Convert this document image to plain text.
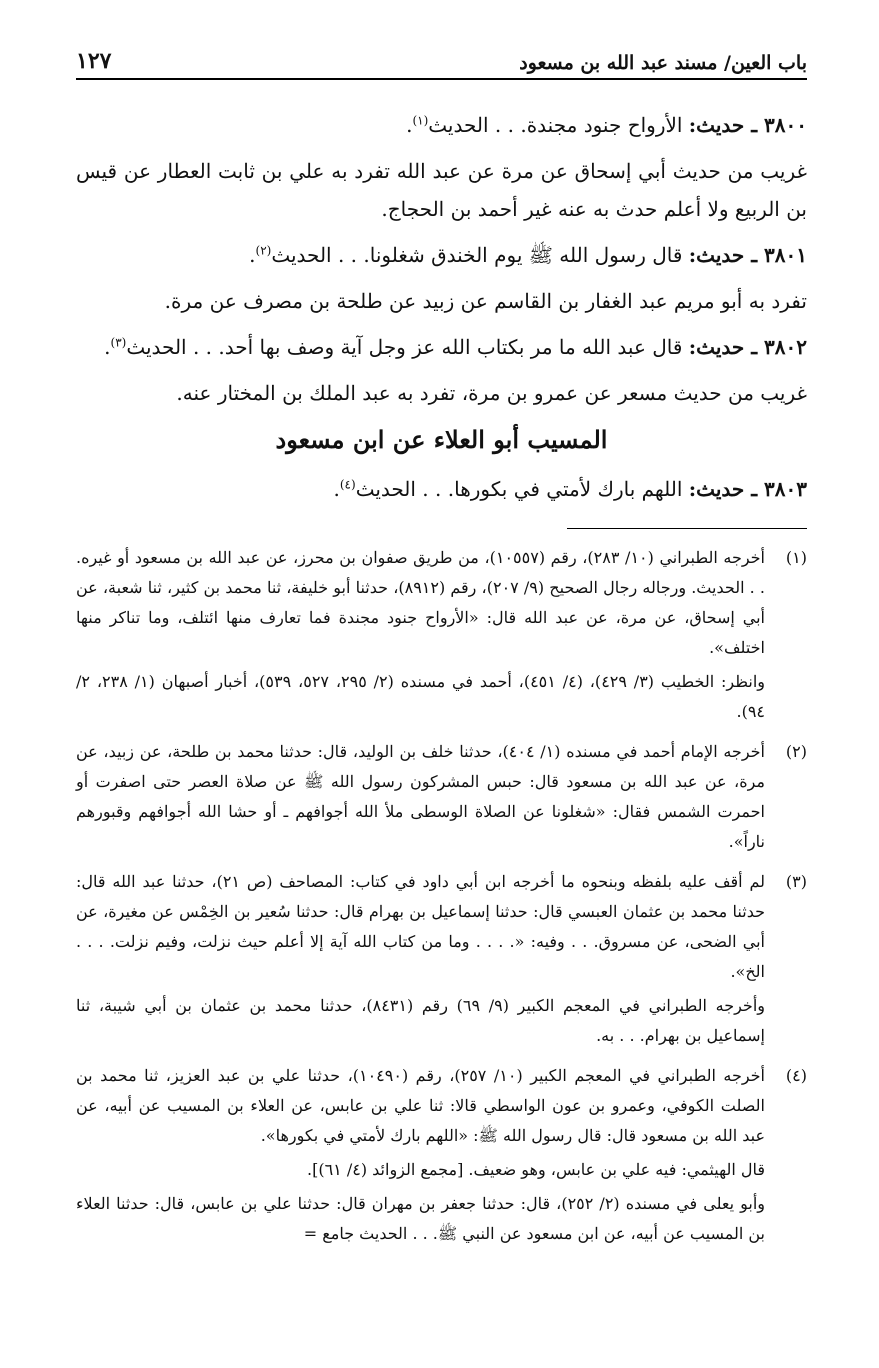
باب العين/ مسند عبد الله بن مسعود
١٢٧

٣٨٠٠ ـ حديث: الأرواح جنود مجندة. . . الحديث$^{(١)}$.

غريب من حديث أبي إسحاق عن مرة عن عبد الله تفرد به علي بن ثابت العطار عن قيس بن الربيع ولا أعلم حدث به عنه غير أحمد بن الحجاج.

٣٨٠١ ـ حديث: قال رسول الله ﷺ يوم الخندق شغلونا. . . الحديث$^{(٢)}$.

تفرد به أبو مريم عبد الغفار بن القاسم عن زبيد عن طلحة بن مصرف عن مرة.

٣٨٠٢ ـ حديث: قال عبد الله ما مر بكتاب الله عز وجل آية وصف بها أحد. . . الحديث$^{(٣)}$.

غريب من حديث مسعر عن عمرو بن مرة، تفرد به عبد الملك بن المختار عنه.

المسيب أبو العلاء عن ابن مسعود

٣٨٠٣ ـ حديث: اللهم بارك لأمتي في بكورها. . . الحديث$^{(٤)}$.

(١)

أخرجه الطبراني (١٠/ ٢٨٣)، رقم (١٠٥٥٧)، من طريق صفوان بن محرز، عن عبد الله بن مسعود أو غيره. . . الحديث. ورجاله رجال الصحيح (٩/ ٢٠٧)، رقم (٨٩١٢)، حدثنا أبو خليفة، ثنا محمد بن كثير، ثنا شعبة، عن أبي إسحاق، عن مرة، عن عبد الله قال: «الأرواح جنود مجندة فما تعارف منها ائتلف، وما تناكر منها اختلف».

وانظر: الخطيب (٣/ ٤٢٩)، (٤/ ٤٥١)، أحمد في مسنده (٢/ ٢٩٥، ٥٢٧، ٥٣٩)، أخبار أصبهان (١/ ٢٣٨، ٢/ ٩٤).

(٢)

أخرجه الإمام أحمد في مسنده (١/ ٤٠٤)، حدثنا خلف بن الوليد، قال: حدثنا محمد بن طلحة، عن زبيد، عن مرة، عن عبد الله بن مسعود قال: حبس المشركون رسول الله ﷺ عن صلاة العصر حتى اصفرت أو احمرت الشمس فقال: «شغلونا عن الصلاة الوسطى ملأ الله أجوافهم ـ أو حشا الله أجوافهم وقبورهم ناراً».

(٣)

لم أقف عليه بلفظه وبنحوه ما أخرجه ابن أبي داود في كتاب: المصاحف (ص ٢١)، حدثنا عبد الله قال: حدثنا محمد بن عثمان العبسي قال: حدثنا إسماعيل بن بهرام قال: حدثنا سُعير بن الخِمْس عن مغيرة، عن أبي الضحى، عن مسروق. . . وفيه: «. . . . وما من كتاب الله آية إلا أعلم حيث نزلت، وفيم نزلت. . . . الخ».

وأخرجه الطبراني في المعجم الكبير (٩/ ٦٩) رقم (٨٤٣١)، حدثنا محمد بن عثمان بن أبي شيبة، ثنا إسماعيل بن بهرام. . . به.

(٤)

أخرجه الطبراني في المعجم الكبير (١٠/ ٢٥٧)، رقم (١٠٤٩٠)، حدثنا علي بن عبد العزيز، ثنا محمد بن الصلت الكوفي، وعمرو بن عون الواسطي قالا: ثنا علي بن عابس، عن العلاء بن المسيب عن أبيه، عن عبد الله بن مسعود قال: قال رسول الله ﷺ: «اللهم بارك لأمتي في بكورها».

قال الهيثمي: فيه علي بن عابس، وهو ضعيف. [مجمع الزوائد (٤/ ٦١)].

وأبو يعلى في مسنده (٢/ ٢٥٢)، قال: حدثنا جعفر بن مهران قال: حدثنا علي بن عابس، قال: حدثنا العلاء بن المسيب عن أبيه، عن ابن مسعود عن النبي ﷺ. . . الحديث جامع =
